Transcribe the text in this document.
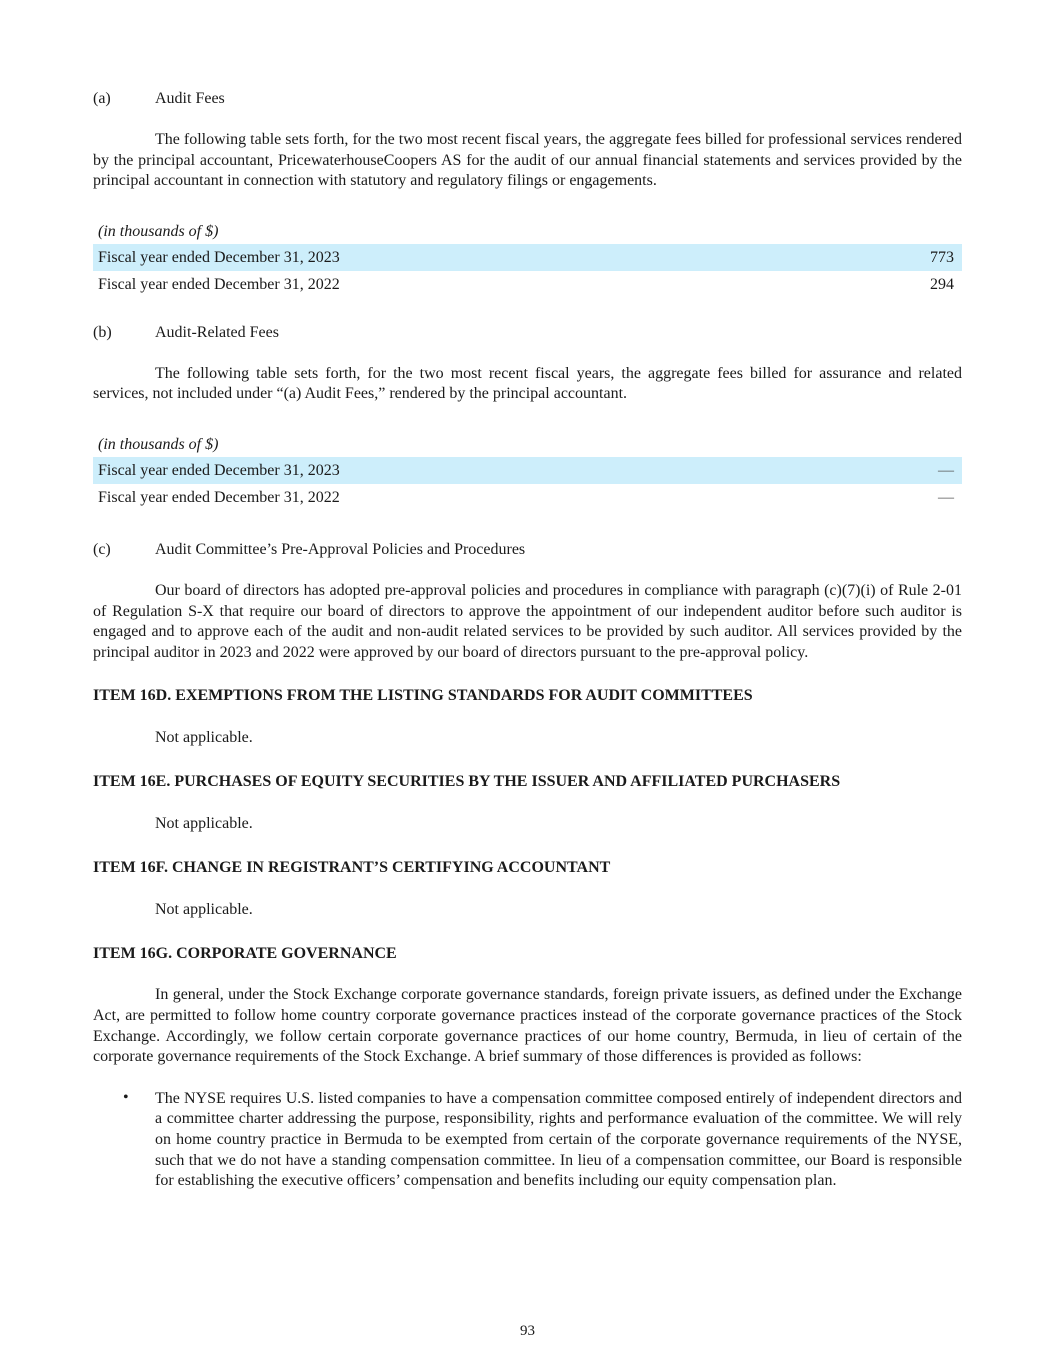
(a)	Audit Fees

The following table sets forth, for the two most recent fiscal years, the aggregate fees billed for professional services rendered by the principal accountant, PricewaterhouseCoopers AS for the audit of our annual financial statements and services provided by the principal accountant in connection with statutory and regulatory filings or engagements.

(in thousands of $)
Fiscal year ended December 31, 2023	773
Fiscal year ended December 31, 2022	294
(b)	Audit-Related Fees

The following table sets forth, for the two most recent fiscal years, the aggregate fees billed for assurance and related services, not included under “(a) Audit Fees,” rendered by the principal accountant.

(in thousands of $)
Fiscal year ended December 31, 2023	—
Fiscal year ended December 31, 2022	—
(c)	Audit Committee’s Pre-Approval Policies and Procedures

Our board of directors has adopted pre-approval policies and procedures in compliance with paragraph (c)(7)(i) of Rule 2-01 of Regulation S-X that require our board of directors to approve the appointment of our independent auditor before such auditor is engaged and to approve each of the audit and non-audit related services to be provided by such auditor. All services provided by the principal auditor in 2023 and 2022 were approved by our board of directors pursuant to the pre-approval policy.

ITEM 16D. EXEMPTIONS FROM THE LISTING STANDARDS FOR AUDIT COMMITTEES
Not applicable.
ITEM 16E. PURCHASES OF EQUITY SECURITIES BY THE ISSUER AND AFFILIATED PURCHASERS
Not applicable.
ITEM 16F. CHANGE IN REGISTRANT’S CERTIFYING ACCOUNTANT
Not applicable.
ITEM 16G. CORPORATE GOVERNANCE

In general, under the Stock Exchange corporate governance standards, foreign private issuers, as defined under the Exchange Act, are permitted to follow home country corporate governance practices instead of the corporate governance practices of the Stock Exchange. Accordingly, we follow certain corporate governance practices of our home country, Bermuda, in lieu of certain of the corporate governance requirements of the Stock Exchange. A brief summary of those differences is provided as follows:

•	The NYSE requires U.S. listed companies to have a compensation committee composed entirely of independent directors and a committee charter addressing the purpose, responsibility, rights and performance evaluation of the committee. We will rely on home country practice in Bermuda to be exempted from certain of the corporate governance requirements of the NYSE, such that we do not have a standing compensation committee. In lieu of a compensation committee, our Board is responsible for establishing the executive officers’ compensation and benefits including our equity compensation plan.

93
